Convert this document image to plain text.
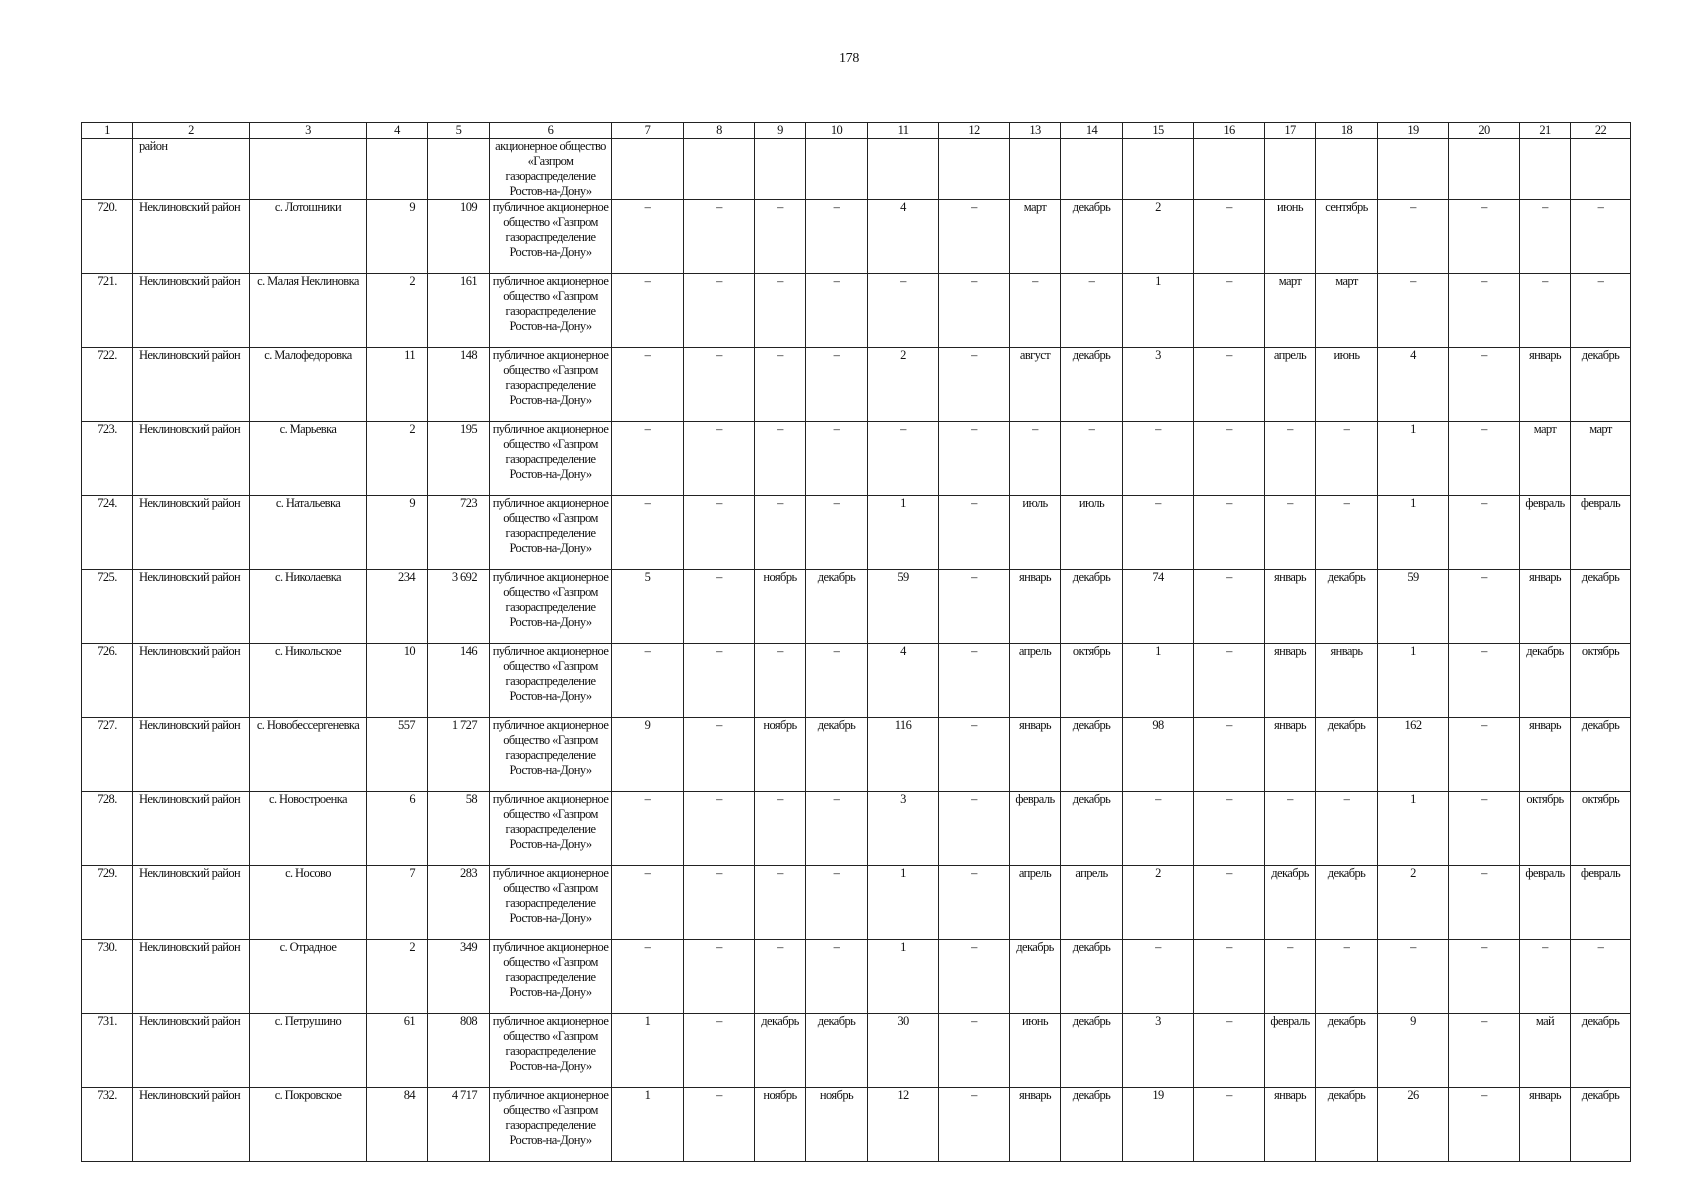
178
1	2	3	4	5	6	7	8	9	10	11	12	13	14	15	16	17	18	19	20	21	22
	район				акционерное общество «Газпром газораспределение Ростов-на-Дону»																
720.	Неклиновский район	с. Лотошники	9	109	публичное акционерное общество «Газпром газораспределение Ростов-на-Дону»	–	–	–	–	4	–	март	декабрь	2	–	июнь	сентябрь	–	–	–	–
721.	Неклиновский район	с. Малая Неклиновка	2	161	публичное акционерное общество «Газпром газораспределение Ростов-на-Дону»	–	–	–	–	–	–	–	–	1	–	март	март	–	–	–	–
722.	Неклиновский район	с. Малофедоровка	11	148	публичное акционерное общество «Газпром газораспределение Ростов-на-Дону»	–	–	–	–	2	–	август	декабрь	3	–	апрель	июнь	4	–	январь	декабрь
723.	Неклиновский район	с. Марьевка	2	195	публичное акционерное общество «Газпром газораспределение Ростов-на-Дону»	–	–	–	–	–	–	–	–	–	–	–	–	1	–	март	март
724.	Неклиновский район	с. Натальевка	9	723	публичное акционерное общество «Газпром газораспределение Ростов-на-Дону»	–	–	–	–	1	–	июль	июль	–	–	–	–	1	–	февраль	февраль
725.	Неклиновский район	с. Николаевка	234	3 692	публичное акционерное общество «Газпром газораспределение Ростов-на-Дону»	5	–	ноябрь	декабрь	59	–	январь	декабрь	74	–	январь	декабрь	59	–	январь	декабрь
726.	Неклиновский район	с. Никольское	10	146	публичное акционерное общество «Газпром газораспределение Ростов-на-Дону»	–	–	–	–	4	–	апрель	октябрь	1	–	январь	январь	1	–	декабрь	октябрь
727.	Неклиновский район	с. Новобессергеневка	557	1 727	публичное акционерное общество «Газпром газораспределение Ростов-на-Дону»	9	–	ноябрь	декабрь	116	–	январь	декабрь	98	–	январь	декабрь	162	–	январь	декабрь
728.	Неклиновский район	с. Новостроенка	6	58	публичное акционерное общество «Газпром газораспределение Ростов-на-Дону»	–	–	–	–	3	–	февраль	декабрь	–	–	–	–	1	–	октябрь	октябрь
729.	Неклиновский район	с. Носово	7	283	публичное акционерное общество «Газпром газораспределение Ростов-на-Дону»	–	–	–	–	1	–	апрель	апрель	2	–	декабрь	декабрь	2	–	февраль	февраль
730.	Неклиновский район	с. Отрадное	2	349	публичное акционерное общество «Газпром газораспределение Ростов-на-Дону»	–	–	–	–	1	–	декабрь	декабрь	–	–	–	–	–	–	–	–
731.	Неклиновский район	с. Петрушино	61	808	публичное акционерное общество «Газпром газораспределение Ростов-на-Дону»	1	–	декабрь	декабрь	30	–	июнь	декабрь	3	–	февраль	декабрь	9	–	май	декабрь
732.	Неклиновский район	с. Покровское	84	4 717	публичное акционерное общество «Газпром газораспределение Ростов-на-Дону»	1	–	ноябрь	ноябрь	12	–	январь	декабрь	19	–	январь	декабрь	26	–	январь	декабрь
